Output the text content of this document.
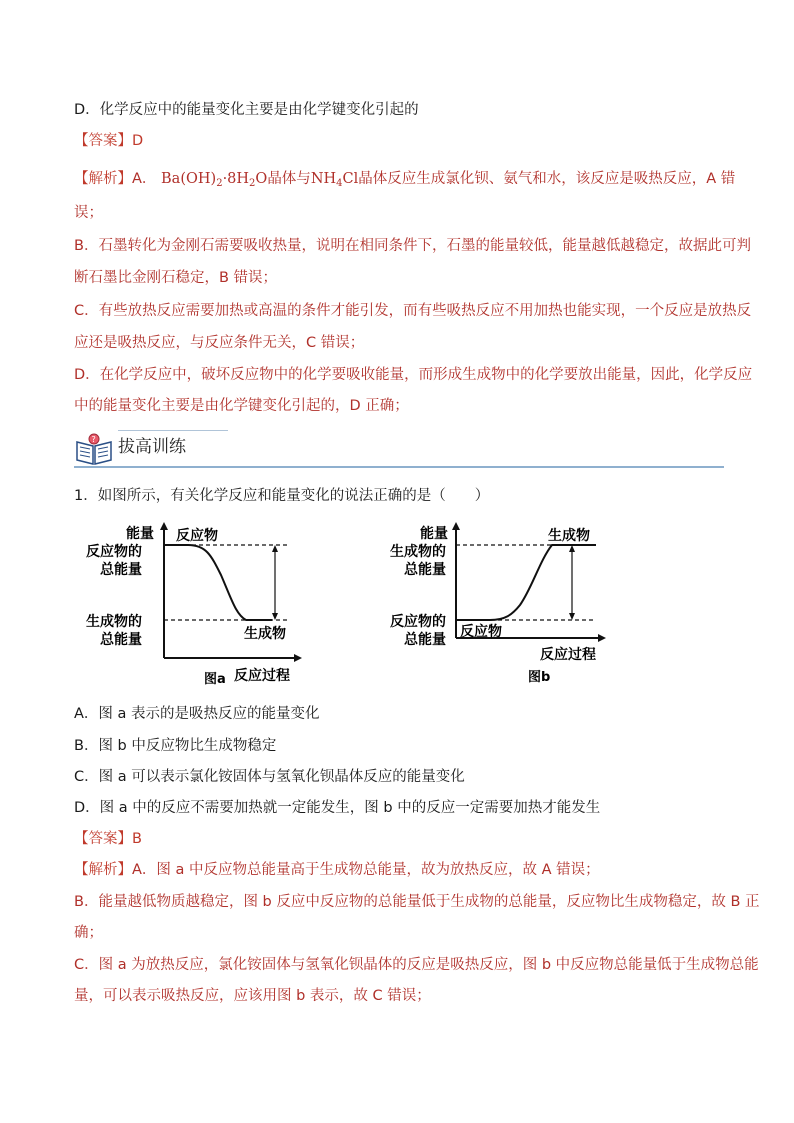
D．化学反应中的能量变化主要是由化学键变化引起的
【答案】D
【解析】A． $Ba(OH)_2\cdot 8H_2O$晶体与$NH_4Cl$晶体反应生成氯化钡、氨气和水，该反应是吸热反应，A 错
误；
B．石墨转化为金刚石需要吸收热量，说明在相同条件下，石墨的能量较低，能量越低越稳定，故据此可判
断石墨比金刚石稳定，B 错误；
C．有些放热反应需要加热或高温的条件才能引发，而有些吸热反应不用加热也能实现，一个反应是放热反
应还是吸热反应，与反应条件无关，C 错误；
D．在化学反应中，破坏反应物中的化学要吸收能量，而形成生成物中的化学要放出能量，因此，化学反应
中的能量变化主要是由化学键变化引起的，D 正确；
? 拔高训练
1．如图所示，有关化学反应和能量变化的说法正确的是（　　）
能量 反应物
反应物的
总能量
生成物的
总能量	生成物
反应过程
图a
能量	生成物
生成物的
总能量
反应物的
总能量 反应物
反应过程
图b
A．图 a 表示的是吸热反应的能量变化
B．图 b 中反应物比生成物稳定
C．图 a 可以表示氯化铵固体与氢氧化钡晶体反应的能量变化
D．图 a 中的反应不需要加热就一定能发生，图 b 中的反应一定需要加热才能发生
【答案】B
【解析】A．图 a 中反应物总能量高于生成物总能量，故为放热反应，故 A 错误；
B．能量越低物质越稳定，图 b 反应中反应物的总能量低于生成物的总能量，反应物比生成物稳定，故 B 正
确；
C．图 a 为放热反应，氯化铵固体与氢氧化钡晶体的反应是吸热反应，图 b 中反应物总能量低于生成物总能
量，可以表示吸热反应，应该用图 b 表示，故 C 错误；
